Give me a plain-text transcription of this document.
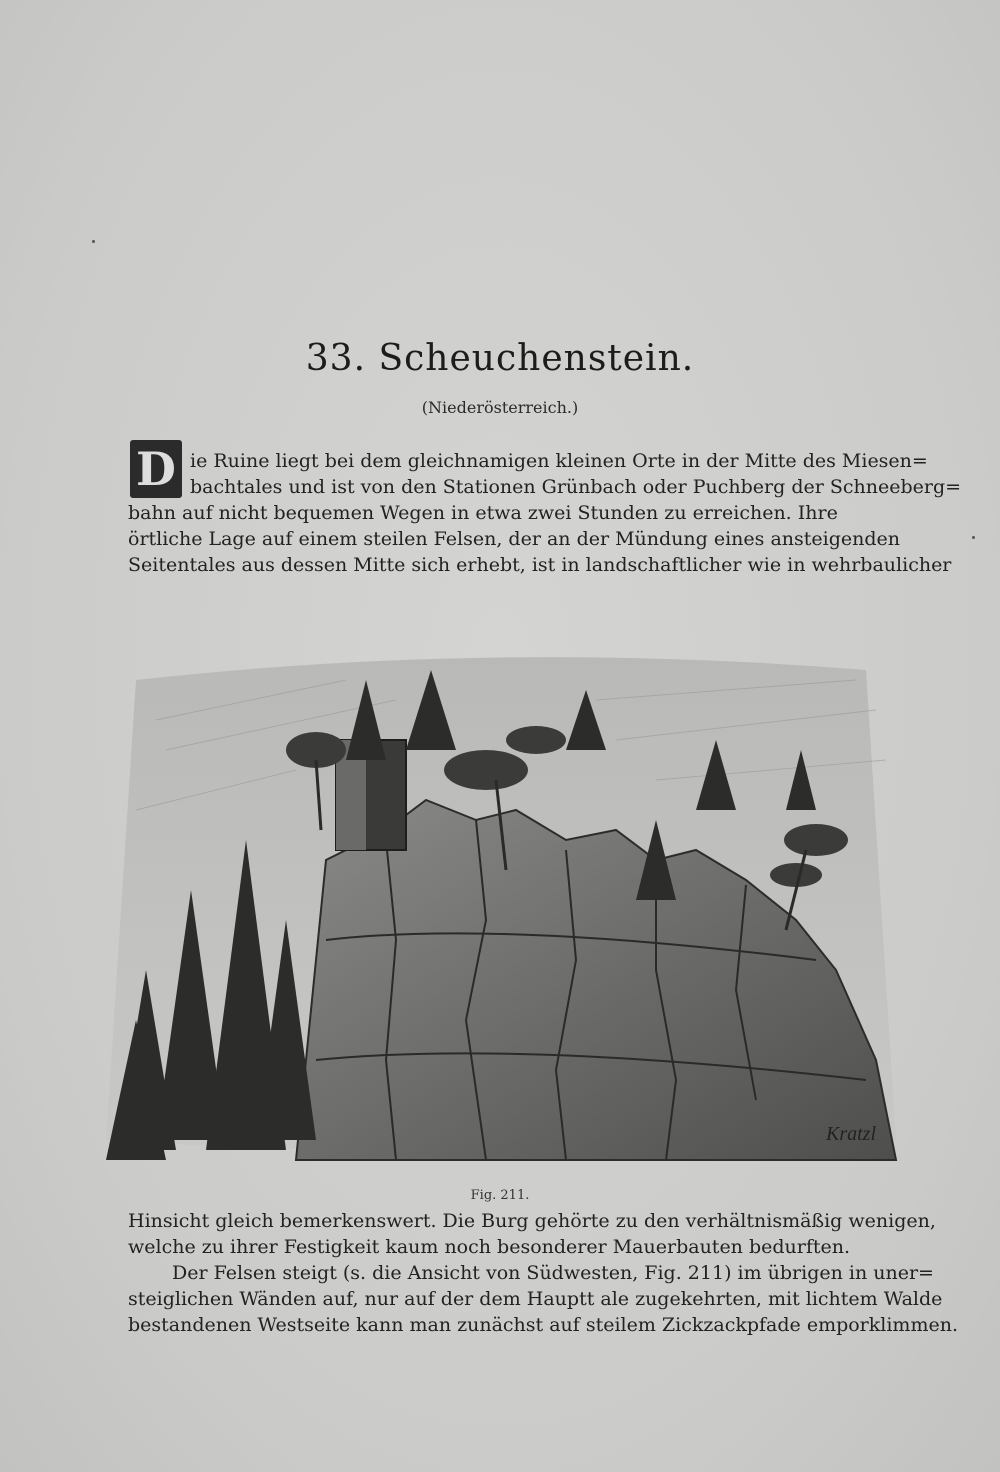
33. Scheuchenstein.
(Niederösterreich.)
D ie Ruine liegt bei dem gleichnamigen kleinen Orte in der Mitte des Miesen=
bachtales und ist von den Stationen Grünbach oder Puchberg der Schneeberg=
bahn auf nicht bequemen Wegen in etwa zwei Stunden zu erreichen. Ihre
örtliche Lage auf einem steilen Felsen, der an der Mündung eines ansteigenden
Seitentales aus dessen Mitte sich erhebt, ist in landschaftlicher wie in wehrbaulicher
Kratzl
Fig. 211.
Hinsicht gleich bemerkenswert. Die Burg gehörte zu den verhältnismäßig wenigen,
welche zu ihrer Festigkeit kaum noch besonderer Mauerbauten bedurften.
Der Felsen steigt (s. die Ansicht von Südwesten, Fig. 211) im übrigen in uner=
steiglichen Wänden auf, nur auf der dem Hauptt ale zugekehrten, mit lichtem Walde
bestandenen Westseite kann man zunächst auf steilem Zickzackpfade emporklimmen.
